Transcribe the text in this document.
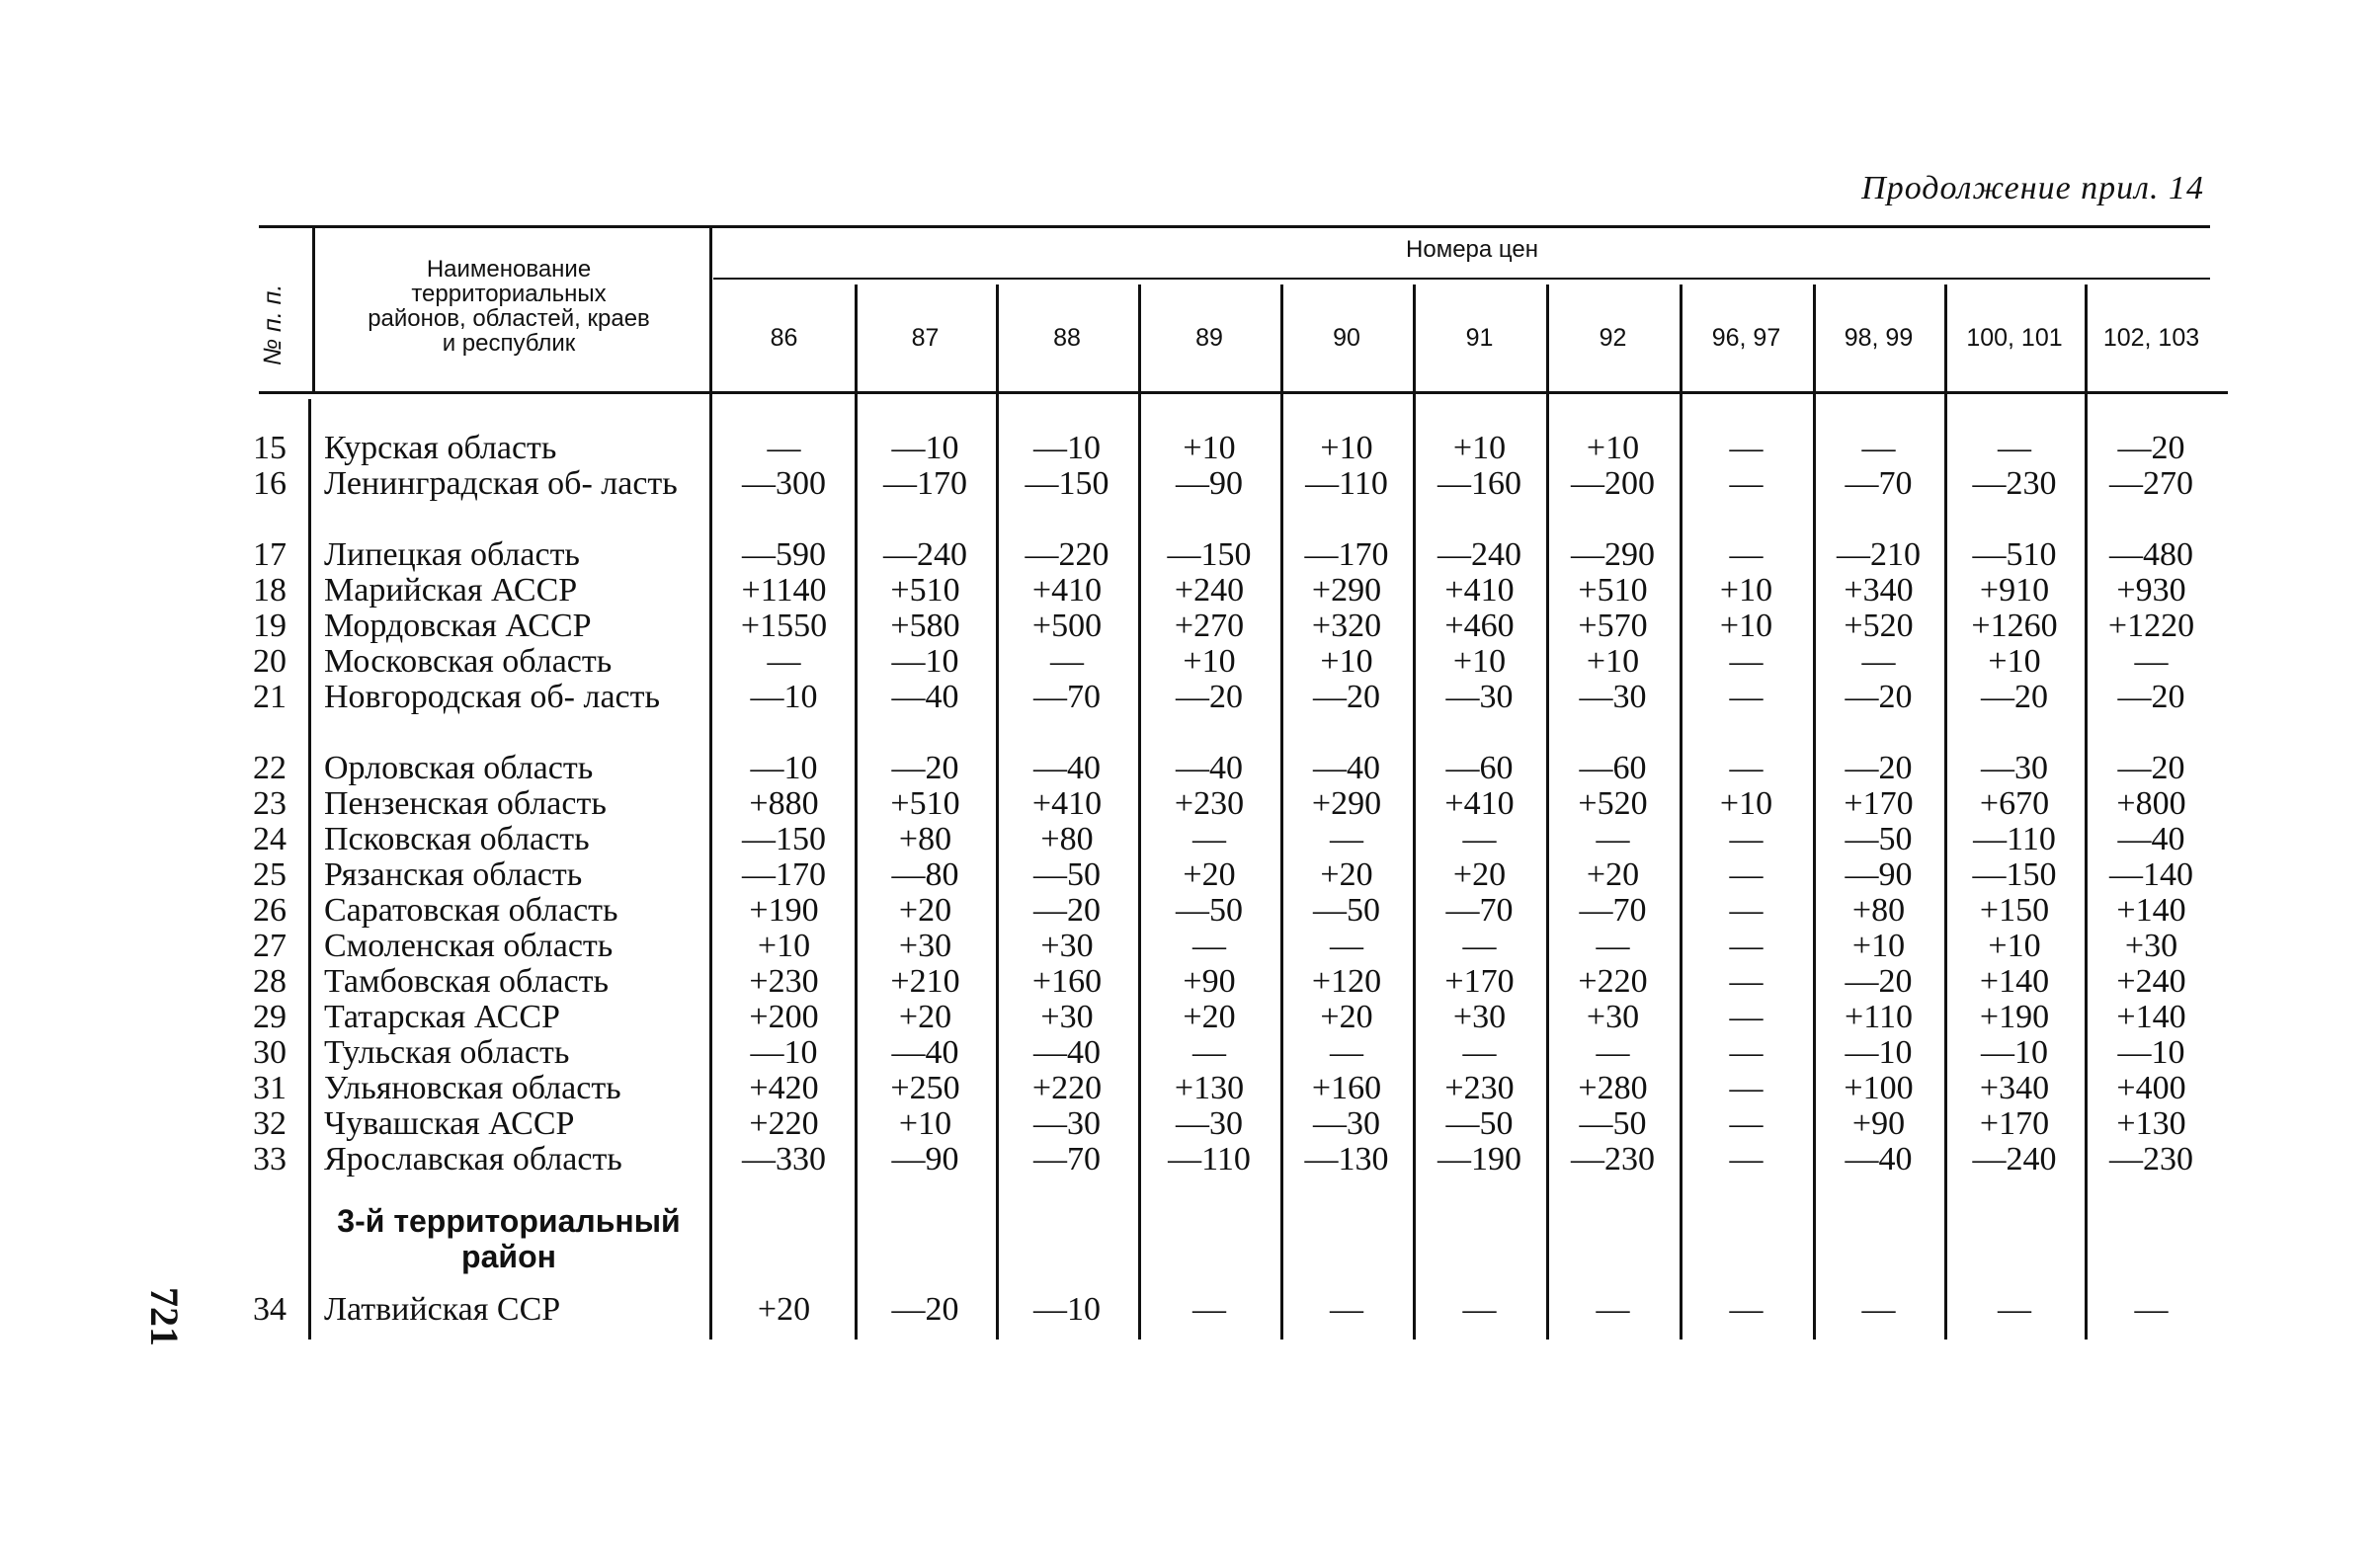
Продолжение прил. 14
№ п. п.
Наименование территориальных районов, областей, краев и республик
Номера цен
86	87	88	89	90	91	92	96, 97	98, 99	100, 101	102, 103
15 Курская область	—	—10	—10	+10	+10	+10	+10	—	—	—	—20
16 Ленинградская об- ласть	—300	—170	—150	—90	—110	—160	—200	—	—70	—230	—270
17 Липецкая область	—590	—240	—220	—150	—170	—240	—290	—	—210	—510	—480
18 Марийская АССР	+1140	+510	+410	+240	+290	+410	+510	+10	+340	+910	+930
19 Мордовская АССР	+1550	+580	+500	+270	+320	+460	+570	+10	+520	+1260	+1220
20 Московская область	—	—10	—	+10	+10	+10	+10	—	—	+10	—
21 Новгородская об- ласть	—10	—40	—70	—20	—20	—30	—30	—	—20	—20	—20
22 Орловская область	—10	—20	—40	—40	—40	—60	—60	—	—20	—30	—20
23 Пензенская область	+880	+510	+410	+230	+290	+410	+520	+10	+170	+670	+800
24 Псковская область	—150	+80	+80	—	—	—	—	—	—50	—110	—40
25 Рязанская область	—170	—80	—50	+20	+20	+20	+20	—	—90	—150	—140
26 Саратовская область	+190	+20	—20	—50	—50	—70	—70	—	+80	+150	+140
27 Смоленская область	+10	+30	+30	—	—	—	—	—	+10	+10	+30
28 Тамбовская область	+230	+210	+160	+90	+120	+170	+220	—	—20	+140	+240
29 Татарская АССР	+200	+20	+30	+20	+20	+30	+30	—	+110	+190	+140
30 Тульская область	—10	—40	—40	—	—	—	—	—	—10	—10	—10
31 Ульяновская область	+420	+250	+220	+130	+160	+230	+280	—	+100	+340	+400
32 Чувашская АССР	+220	+10	—30	—30	—30	—50	—50	—	+90	+170	+130
33 Ярославская область	—330	—90	—70	—110	—130	—190	—230	—	—40	—240	—230
34 Латвийская ССР	+20	—20	—10	—	—	—	—	—	—	—	—
3-й территориальный район
721
